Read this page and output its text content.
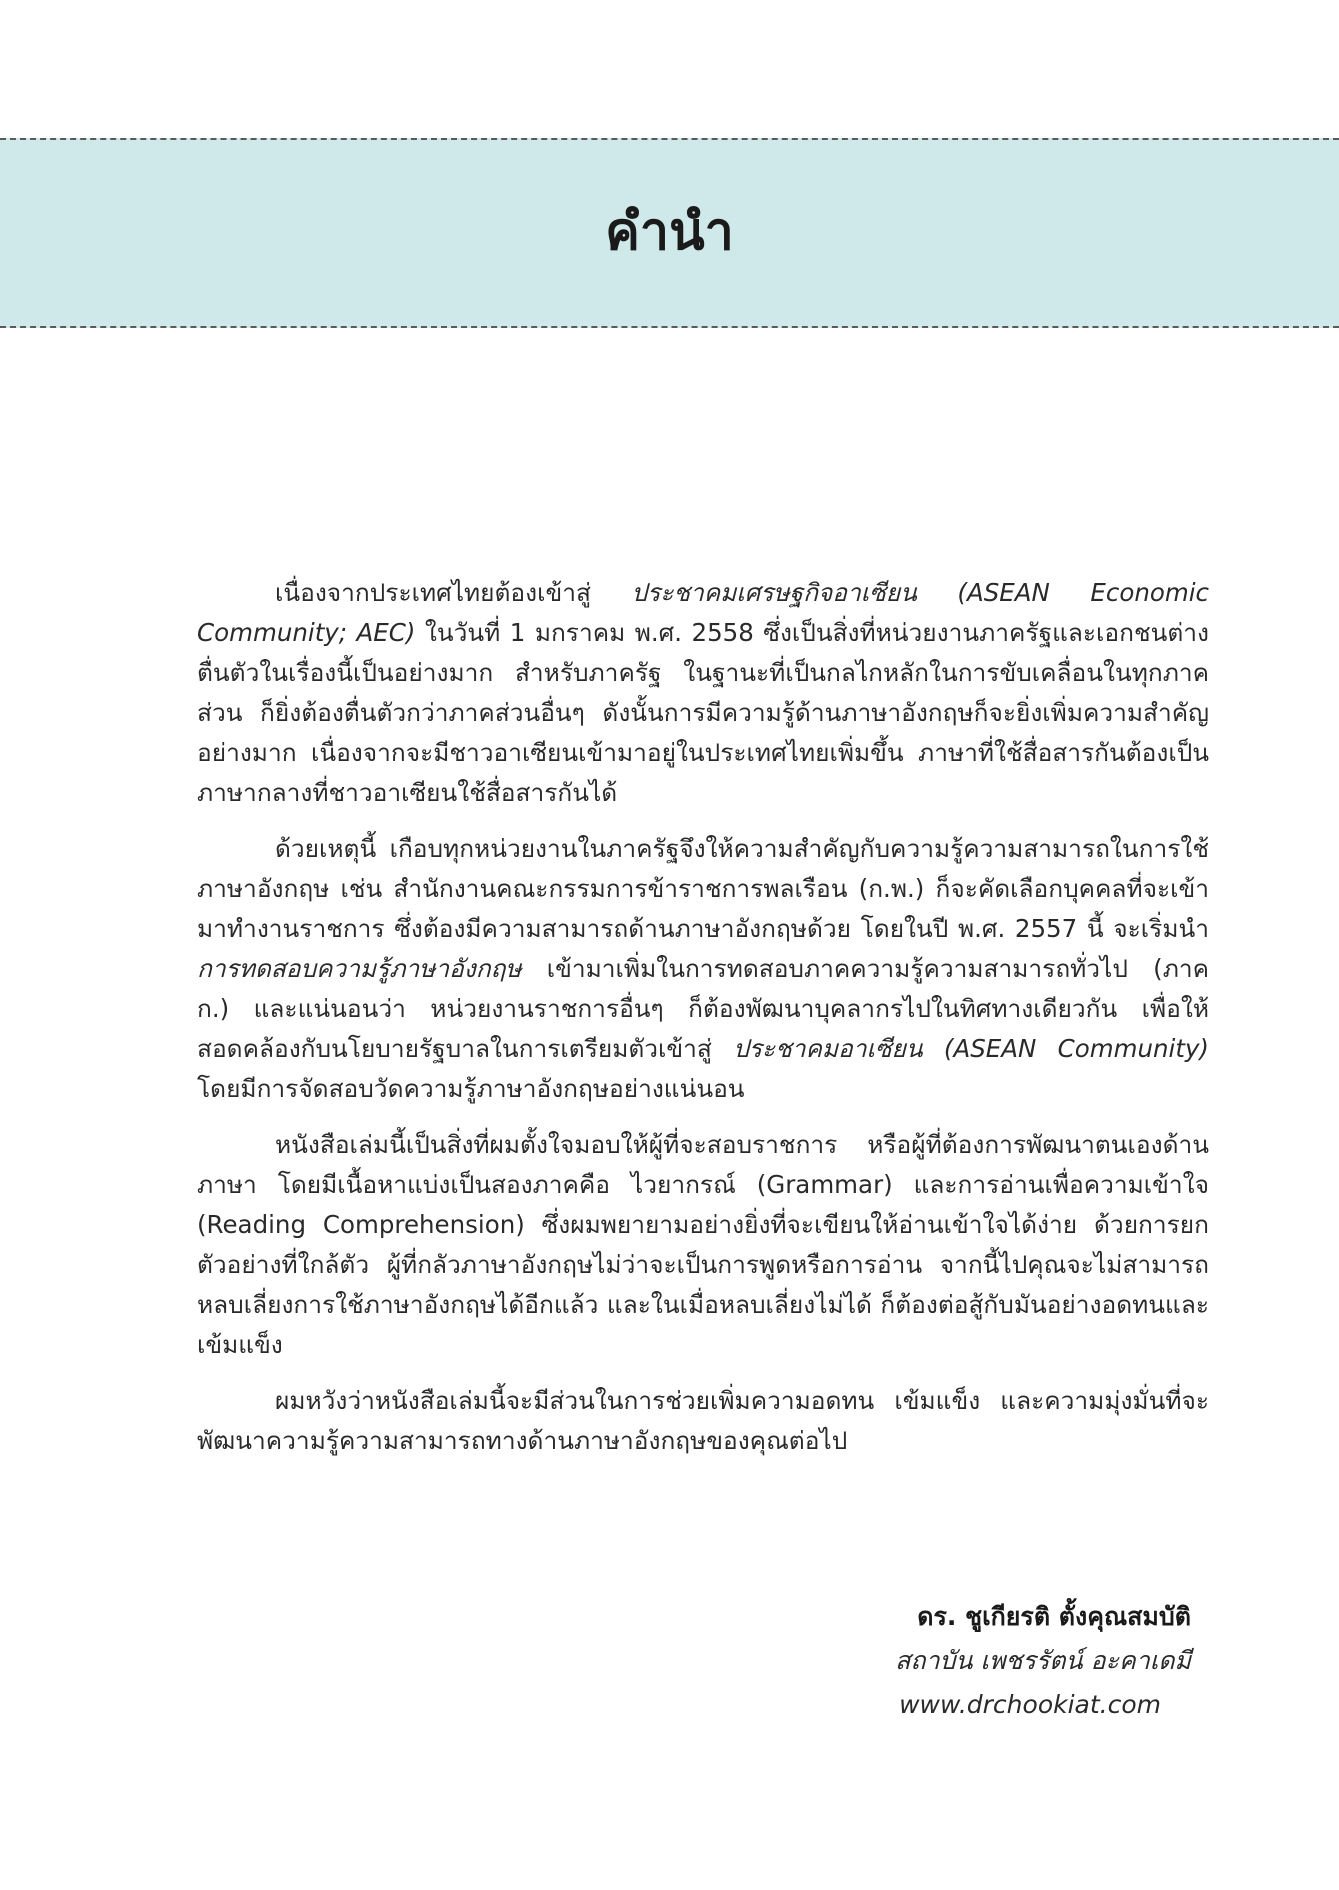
คำนำ

เนื่องจากประเทศไทยต้องเข้าสู่ ประชาคมเศรษฐกิจอาเซียน (ASEAN Economic Community; AEC) ในวันที่ 1 มกราคม พ.ศ. 2558 ซึ่งเป็นสิ่งที่หน่วยงานภาครัฐและเอกชนต่างตื่นตัวในเรื่องนี้เป็นอย่างมาก สำหรับภาครัฐ ในฐานะที่เป็นกลไกหลักในการขับเคลื่อนในทุกภาคส่วน ก็ยิ่งต้องตื่นตัวกว่าภาคส่วนอื่นๆ ดังนั้นการมีความรู้ด้านภาษาอังกฤษก็จะยิ่งเพิ่มความสำคัญอย่างมาก เนื่องจากจะมีชาวอาเซียนเข้ามาอยู่ในประเทศไทยเพิ่มขึ้น ภาษาที่ใช้สื่อสารกันต้องเป็นภาษากลางที่ชาวอาเซียนใช้สื่อสารกันได้

ด้วยเหตุนี้ เกือบทุกหน่วยงานในภาครัฐจึงให้ความสำคัญกับความรู้ความสามารถในการใช้ภาษาอังกฤษ เช่น สำนักงานคณะกรรมการข้าราชการพลเรือน (ก.พ.) ก็จะคัดเลือกบุคคลที่จะเข้ามาทำงานราชการ ซึ่งต้องมีความสามารถด้านภาษาอังกฤษด้วย โดยในปี พ.ศ. 2557 นี้ จะเริ่มนำ การทดสอบความรู้ภาษาอังกฤษ เข้ามาเพิ่มในการทดสอบภาคความรู้ความสามารถทั่วไป (ภาค ก.) และแน่นอนว่า หน่วยงานราชการอื่นๆ ก็ต้องพัฒนาบุคลากรไปในทิศทางเดียวกัน เพื่อให้สอดคล้องกับนโยบายรัฐบาลในการเตรียมตัวเข้าสู่ ประชาคมอาเซียน (ASEAN Community) โดยมีการจัดสอบวัดความรู้ภาษาอังกฤษอย่างแน่นอน

หนังสือเล่มนี้เป็นสิ่งที่ผมตั้งใจมอบให้ผู้ที่จะสอบราชการ หรือผู้ที่ต้องการพัฒนาตนเองด้านภาษา โดยมีเนื้อหาแบ่งเป็นสองภาคคือ ไวยากรณ์ (Grammar) และการอ่านเพื่อความเข้าใจ (Reading Comprehension) ซึ่งผมพยายามอย่างยิ่งที่จะเขียนให้อ่านเข้าใจได้ง่าย ด้วยการยกตัวอย่างที่ใกล้ตัว ผู้ที่กลัวภาษาอังกฤษไม่ว่าจะเป็นการพูดหรือการอ่าน จากนี้ไปคุณจะไม่สามารถหลบเลี่ยงการใช้ภาษาอังกฤษได้อีกแล้ว และในเมื่อหลบเลี่ยงไม่ได้ ก็ต้องต่อสู้กับมันอย่างอดทนและเข้มแข็ง

ผมหวังว่าหนังสือเล่มนี้จะมีส่วนในการช่วยเพิ่มความอดทน เข้มแข็ง และความมุ่งมั่นที่จะพัฒนาความรู้ความสามารถทางด้านภาษาอังกฤษของคุณต่อไป

ดร. ชูเกียรติ ตั้งคุณสมบัติ
สถาบัน เพชรรัตน์ อะคาเดมี
www.drchookiat.com
